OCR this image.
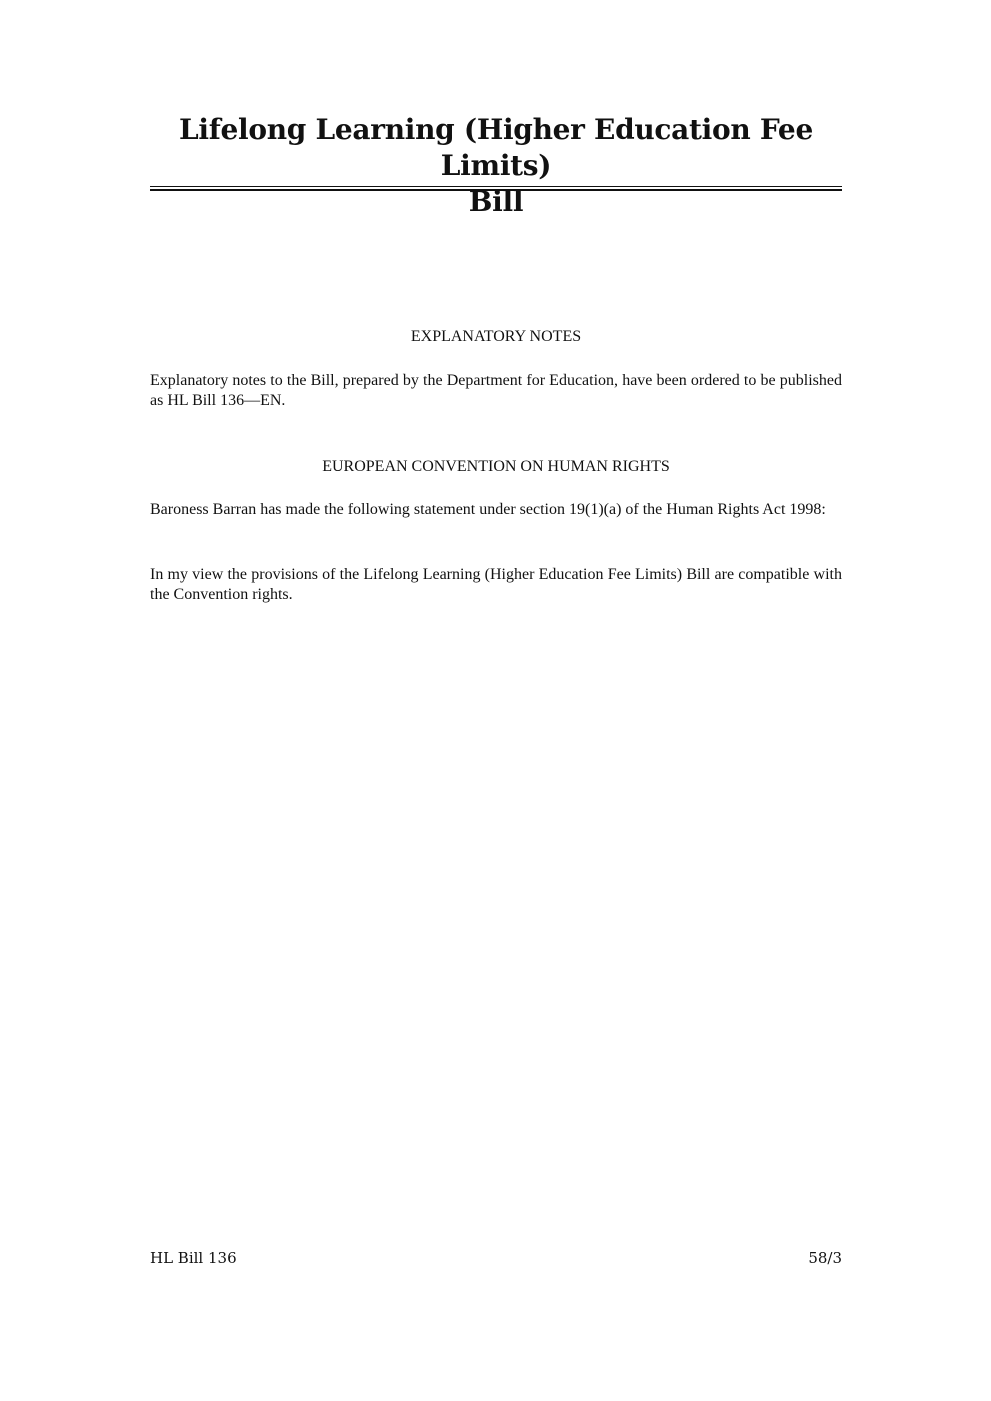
Lifelong Learning (Higher Education Fee Limits)
Bill

EXPLANATORY NOTES

Explanatory notes to the Bill, prepared by the Department for Education, have been ordered to be published as HL Bill 136—EN.

EUROPEAN CONVENTION ON HUMAN RIGHTS

Baroness Barran has made the following statement under section 19(1)(a) of the Human Rights Act 1998:

In my view the provisions of the Lifelong Learning (Higher Education Fee Limits) Bill are compatible with the Convention rights.

HL Bill 136	58/3
